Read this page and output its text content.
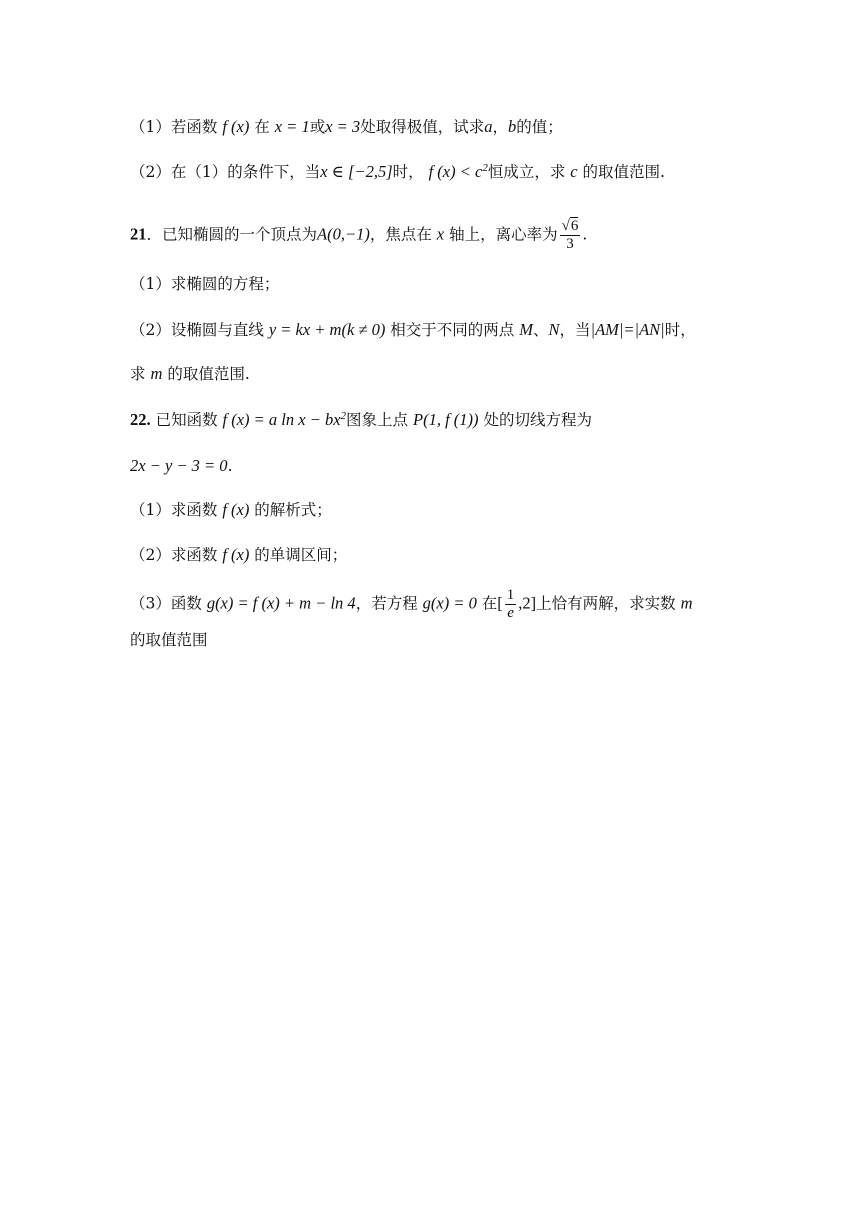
（1）若函数 f (x) 在 x = 1或x = 3处取得极值，试求a，b的值；
（2）在（1）的条件下，当x ∈ [−2,5]时， f $(x) < c^2$恒成立，求 c 的取值范围.
21．已知椭圆的一个顶点为A(0,−1)，焦点在 x 轴上，离心率为 $\frac{√6}{3}$ .
（1）求椭圆的方程；
（2）设椭圆与直线 y = kx + m(k ≠ 0) 相交于不同的两点 M、N，当|AM|=|AN|时，
求 m 的取值范围.
22. 已知函数 f (x) = a $\ln x - bx^2$图象上点 P(1, f (1)) 处的切线方程为
2x − y − 3 = 0.
（1）求函数 f (x) 的解析式；
（2）求函数 f (x) 的单调区间；
（3）函数 g(x) = f (x) + m − ln 4，若方程 g(x) = 0 在[ $\frac{1}{e} ,2$]上恰有两解，求实数 m
的取值范围
